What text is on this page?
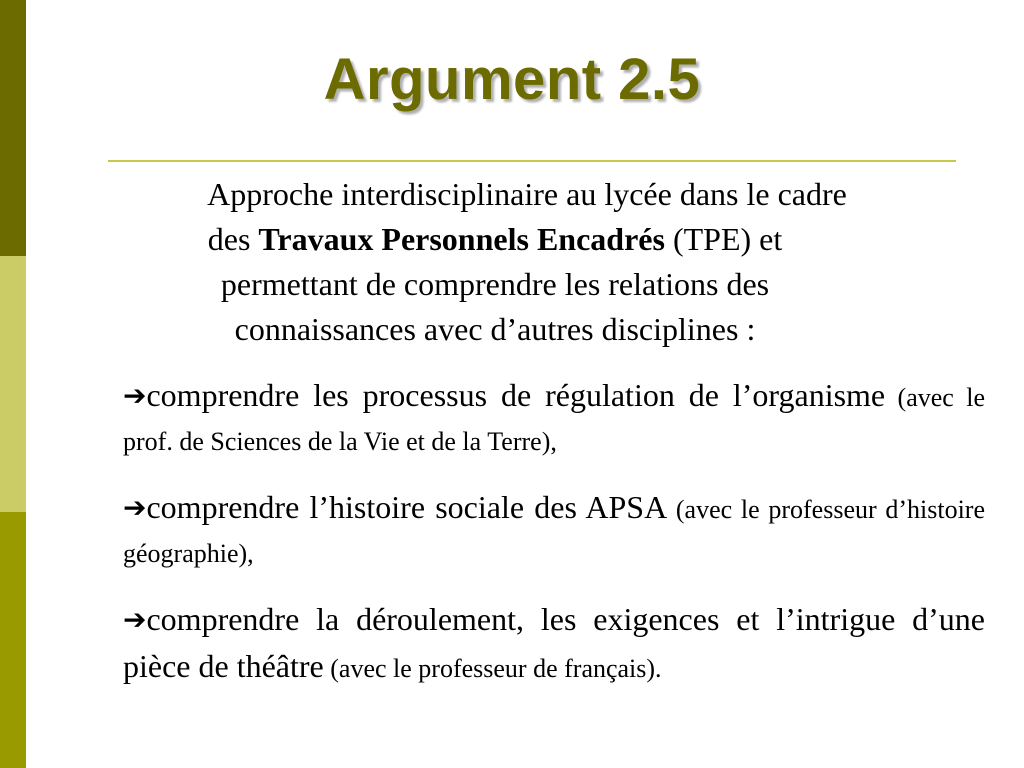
Argument 2.5

Approche interdisciplinaire au lycée dans le cadre des Travaux Personnels Encadrés (TPE) et permettant de comprendre les relations des connaissances avec d’autres disciplines :

➔comprendre les processus de régulation de l’organisme (avec le prof. de Sciences de la Vie et de la Terre),
➔comprendre l’histoire sociale des APSA (avec le professeur d’histoire géographie),
➔comprendre la déroulement, les exigences et l’intrigue d’une pièce de théâtre (avec le professeur de français).
